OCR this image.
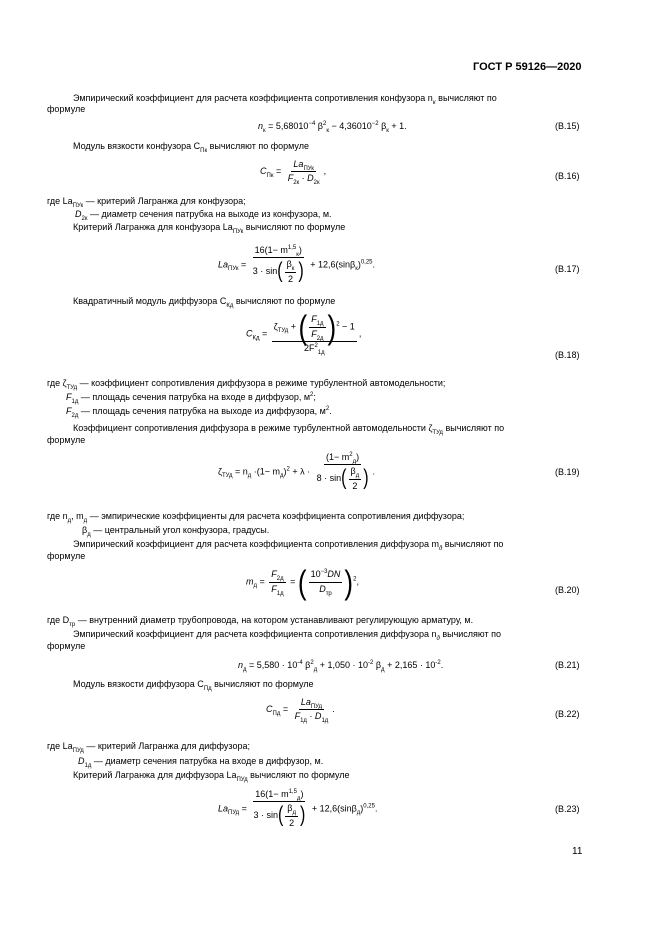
ГОСТ Р 59126—2020
Эмпирический коэффициент для расчета коэффициента сопротивления конфузора $n_к$ вычисляют по
формуле
$n_к = 5,68010^{-4}$ $\beta^2_к - 4,36010^{-2}$ $\beta_к + 1$.	(В.15)
Модуль вязкости конфузора $С_{Пк}$ вычисляют по формуле
$C_{Пк} = \frac{La_{ПУк}}{F_{2к} \cdot D_{2к}}$ ,	(В.16)
где $La_{ПУк}$ — критерий Лагранжа для конфузора;
$D_{2к}$ — диаметр сечения патрубка на выходе из конфузора, м.
Критерий Лагранжа для конфузора $La_{ПУк}$ вычисляют по формуле
$La_{ПУк} = \frac{16(1- m^{1,5}_к)}{3 \cdot \sin( \frac{\beta_к}{2} )} + 12,6(\sin\beta_к)^{0,25}$.	(В.17)
Квадратичный модуль диффузора $С_{Кд}$ вычисляют по формуле
$C_{Кд} = \frac{\zeta_{ТУд} + ( \frac{F_{1д}}{F_{2д}} )^2 - 1}{2F^2_{1д}}$ ,
(В.18)
где $\zeta_{ТУд}$ — коэффициент сопротивления диффузора в режиме турбулентной автомодельности;
$F_{1д}$ — площадь сечения патрубка на входе в диффузор, $м^2$;
$F_{2д}$ — площадь сечения патрубка на выходе из диффузора, $м^2$.
Коэффициент сопротивления диффузора в режиме турбулентной автомодельности $\zeta_{ТУд}$ вычисляют по
формуле
$\zeta_{ТУд} = n_д \cdot(1- m_д)^2 + \lambda \cdot \frac{(1- m^2_д)}{8 \cdot \sin( \frac{\beta_д}{2} )}$ .	(В.19)
где $n_д$, $m_д$ — эмпирические коэффициенты для расчета коэффициента сопротивления диффузора;
$\beta_д$ — центральный угол конфузора, градусы.
Эмпирический коэффициент для расчета коэффициента сопротивления диффузора $m_д$ вычисляют по
формуле
$m_д = \frac{F_{2д}}{F_{1д}}$ = ( $\frac{10^{-3}DN}{D_{тр}} )^2$,
(В.20)
где $D_{тр}$ — внутренний диаметр трубопровода, на котором устанавливают регулирующую арматуру, м.
Эмпирический коэффициент для расчета коэффициента сопротивления диффузора $n_д$ вычисляют по
формуле
$n_д = 5,580 \cdot 10^{-4}$ $\beta^2_д + 1,050 \cdot 10^{-2}$ $\beta_д + 2,165 \cdot 10^{-2}$.	(В.21)
Модуль вязкости диффузора $С_{Пд}$ вычисляют по формуле
$C_{Пд} = \frac{La_{ПУд}}{F_{1д} \cdot D_{1д}}$ .	(В.22)
где $La_{ПУд}$ — критерий Лагранжа для диффузора;
$D_{1д}$ — диаметр сечения патрубка на входе в диффузор, м.
Критерий Лагранжа для диффузора $La_{ПУд}$ вычисляют по формуле
$La_{ПУд} = \frac{16(1- m^{1,5}_д)}{3 \cdot \sin( \frac{\beta_д}{2} )} + 12,6(\sin\beta_д)^{0,25}$.	(В.23)
11
